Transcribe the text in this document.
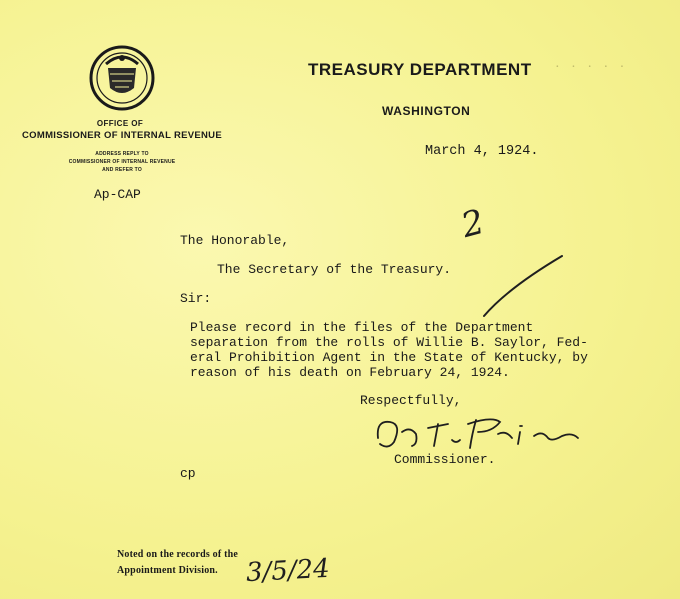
TREASURY DEPARTMENT · · · · ·
WASHINGTON
OFFICE OF
COMMISSIONER OF INTERNAL REVENUE
ADDRESS REPLY TO
COMMISSIONER OF INTERNAL REVENUE
AND REFER TO
Ap-CAP
March 4, 1924.
2
The Honorable,
The Secretary of the Treasury.
Sir:
Please record in the files of the Department
separation from the rolls of Willie B. Saylor, Fed-
eral Prohibition Agent in the State of Kentucky, by
reason of his death on February 24, 1924.
Respectfully,
Commissioner.
cp
Noted on the records of the
Appointment Division. 3/5/24
